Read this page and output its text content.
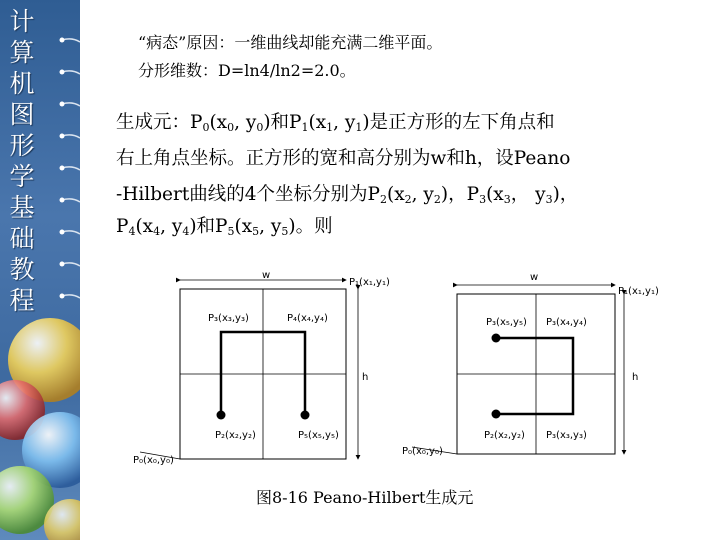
计
算
机
图
形
学
基
础
教
程
“病态”原因：一维曲线却能充满二维平面。
分形维数：D=ln4/ln2=2.0。
生成元：$P_0(x_0$, $y_0$)和$P_1(x_1$, $y_1$)是正方形的左下角点和
右上角点坐标。正方形的宽和高分别为w和h，设Peano
-Hilbert曲线的4个坐标分别为$P_2(x_2$, $y_2$)，$P_3(x_3$， $y_3$)，
$P_4(x_4$, $y_4$)和$P_5(x_5$, $y_5$)。则
w
h
P₁(x₁,y₁)
P₃(x₃,y₃)	P₄(x₄,y₄)
P₂(x₂,y₂)	P₅(x₅,y₅)
P₀(x₀,y₀)
w
h
P₁(x₁,y₁)
P₃(x₅,y₅) P₃(x₄,y₄)
P₂(x₂,y₂) P₃(x₃,y₃)
P₀(x₀,y₀)
图8-16 Peano-Hilbert生成元
